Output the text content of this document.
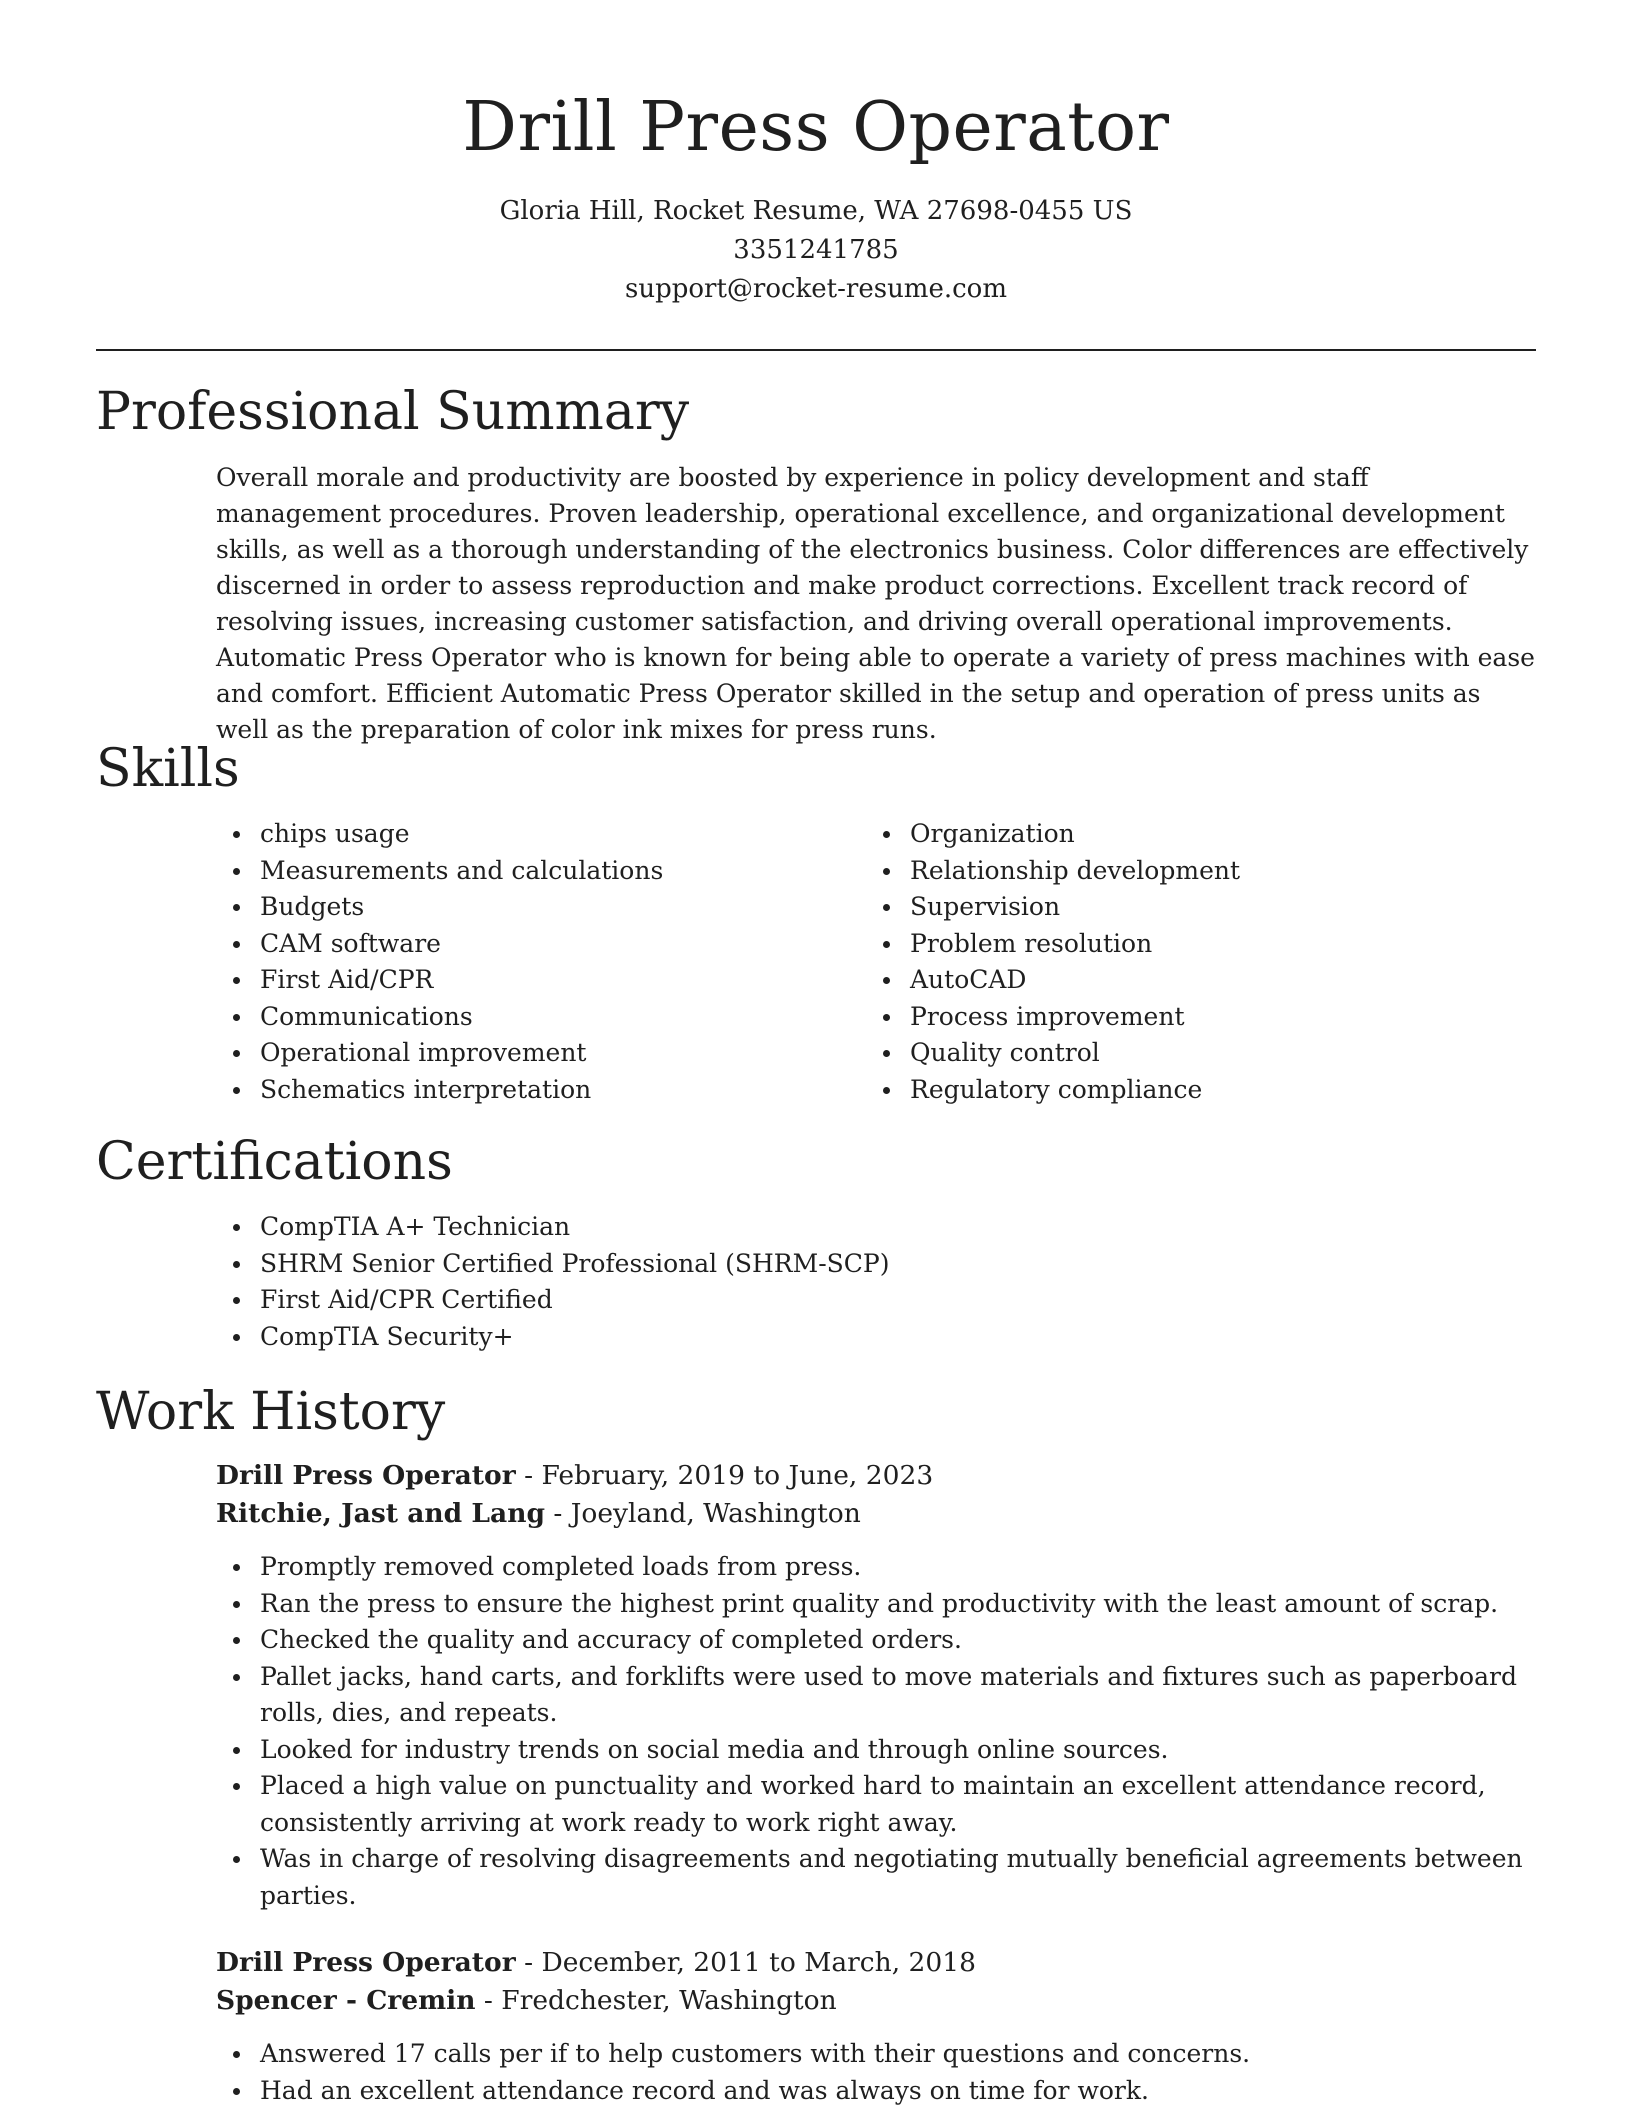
Drill Press Operator
Gloria Hill, Rocket Resume, WA 27698-0455 US
3351241785
support@rocket-resume.com
Professional Summary
Overall morale and productivity are boosted by experience in policy development and staff management procedures. Proven leadership, operational excellence, and organizational development skills, as well as a thorough understanding of the electronics business. Color differences are effectively discerned in order to assess reproduction and make product corrections. Excellent track record of resolving issues, increasing customer satisfaction, and driving overall operational improvements. Automatic Press Operator who is known for being able to operate a variety of press machines with ease and comfort. Efficient Automatic Press Operator skilled in the setup and operation of press units as well as the preparation of color ink mixes for press runs.
Skills
chips usage
Measurements and calculations
Budgets
CAM software
First Aid/CPR
Communications
Operational improvement
Schematics interpretation
Organization
Relationship development
Supervision
Problem resolution
AutoCAD
Process improvement
Quality control
Regulatory compliance
Certifications
CompTIA A+ Technician
SHRM Senior Certified Professional (SHRM-SCP)
First Aid/CPR Certified
CompTIA Security+
Work History
Drill Press Operator - February, 2019 to June, 2023
Ritchie, Jast and Lang - Joeyland, Washington
Promptly removed completed loads from press.
Ran the press to ensure the highest print quality and productivity with the least amount of scrap.
Checked the quality and accuracy of completed orders.
Pallet jacks, hand carts, and forklifts were used to move materials and fixtures such as paperboard rolls, dies, and repeats.
Looked for industry trends on social media and through online sources.
Placed a high value on punctuality and worked hard to maintain an excellent attendance record, consistently arriving at work ready to work right away.
Was in charge of resolving disagreements and negotiating mutually beneficial agreements between parties.
Drill Press Operator - December, 2011 to March, 2018
Spencer - Cremin - Fredchester, Washington
Answered 17 calls per if to help customers with their questions and concerns.
Had an excellent attendance record and was always on time for work.
